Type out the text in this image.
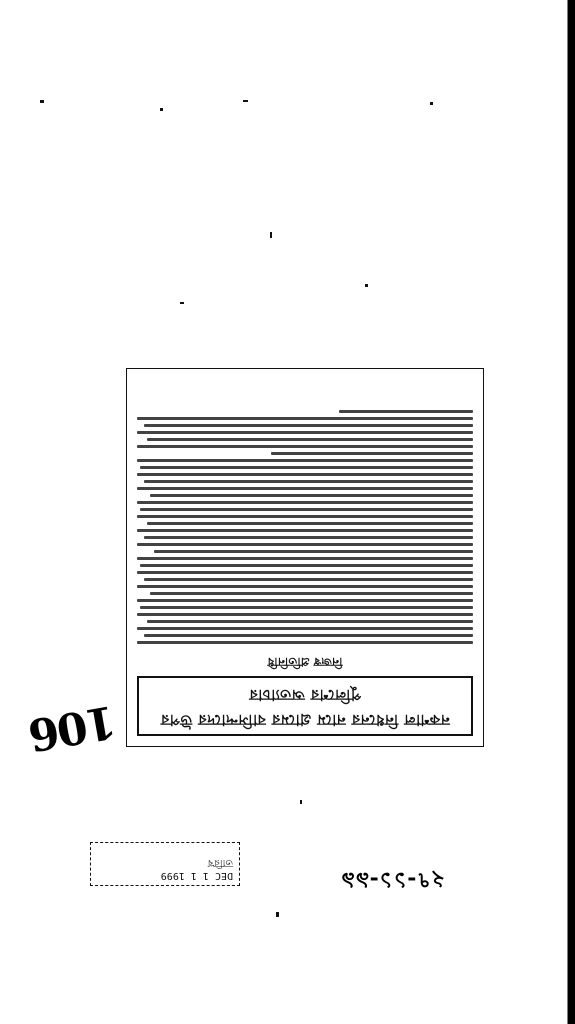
106	নকশাল নিধনের নামে গ্রামের বাসিন্দাদের উপর পুলিশের অত্যাচার
নিজস্ব প্রতিনিধি
DEC 1 1 1999
তারিখ
২৭-১১-৯৯
